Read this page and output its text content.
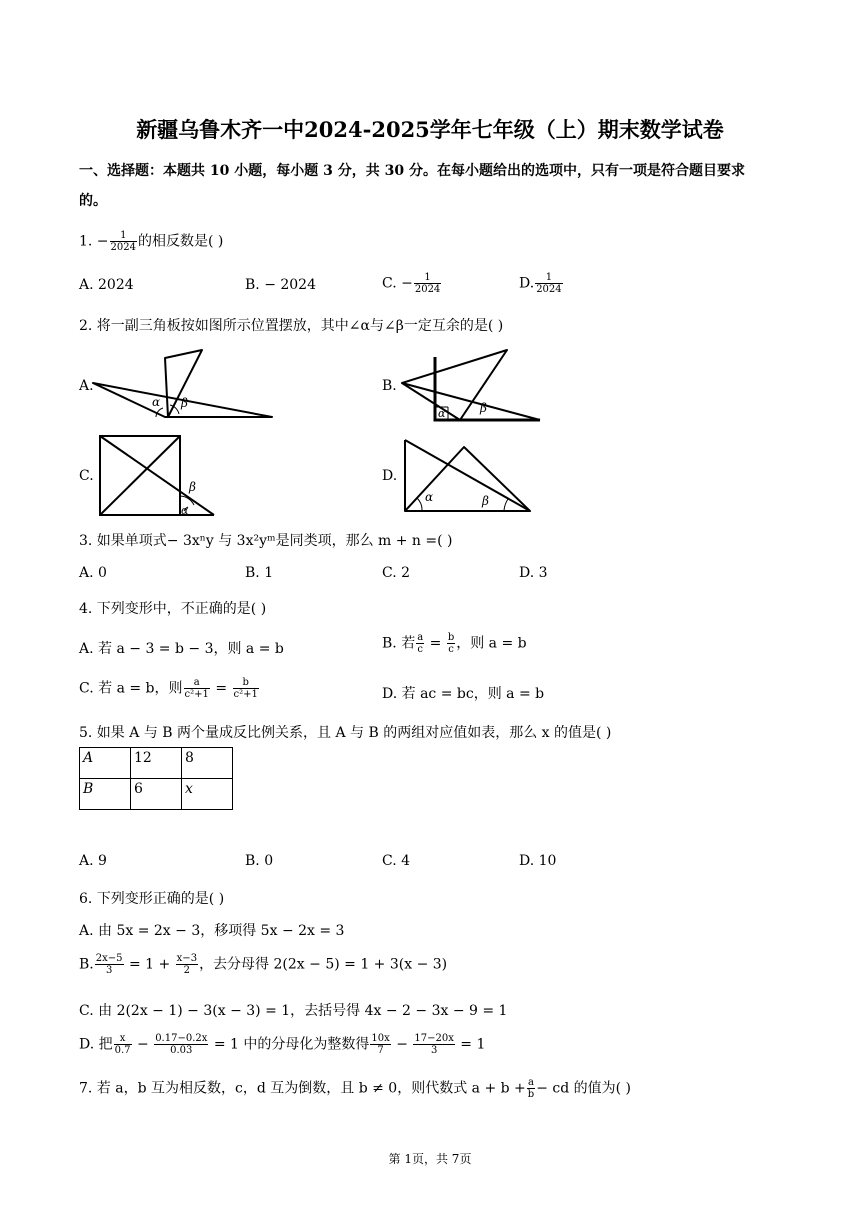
新疆乌鲁木齐一中2024-2025学年七年级（上）期末数学试卷
一、选择题：本题共 10 小题，每小题 3 分，共 30 分。在每小题给出的选项中，只有一项是符合题目要求
的。
1. − $\frac{1}{2024}$ 的相反数是( )
A. 2024	B. − 2024	C. − $\frac{1}{2024}$	D. $\frac{1}{2024}$
2. 将一副三角板按如图所示位置摆放，其中∠α与∠β一定互余的是( )
A.	B.
C.	D.
α β
α	β
β
α
α	β
3. 如果单项式− 3xⁿy 与 3x²yᵐ是同类项，那么 m + n =( )
A. 0	B. 1	C. 2	D. 3
4. 下列变形中，不正确的是( )
A. 若 a − 3 = b − 3，则 a = b	B. 若 $\frac{a}{c} = \frac{b}{c}$ ，则 a = b
C. 若 a = b，则 $\frac{a}{\text{c²+1}} = \frac{b}{\text{c²+1}}$	D. 若 ac = bc，则 a = b
5. 如果 A 与 B 两个量成反比例关系，且 A 与 B 的两组对应值如表，那么 x 的值是( )
A	12	8
B	6	x
A. 9	B. 0	C. 4	D. 10
6. 下列变形正确的是( )
A. 由 5x = 2x − 3，移项得 5x − 2x = 3
B. $\frac{2x-5}{3} = 1 + \frac{x-3}{2}$ ，去分母得 2(2x − 5) = 1 + 3(x − 3)
C. 由 2(2x − 1) − 3(x − 3) = 1，去括号得 4x − 2 − 3x − 9 = 1
D. 把 $\frac{x}{0.7} - \frac{0.17-0.2x}{0.03} = 1$ 中的分母化为整数得 $\frac{10x}{7} - \frac{17-20x}{3} = 1$
7. 若 a，b 互为相反数，c，d 互为倒数，且 b ≠ 0，则代数式 $a + b + \frac{a}{b}$ − cd 的值为( )
第 1页，共 7页
